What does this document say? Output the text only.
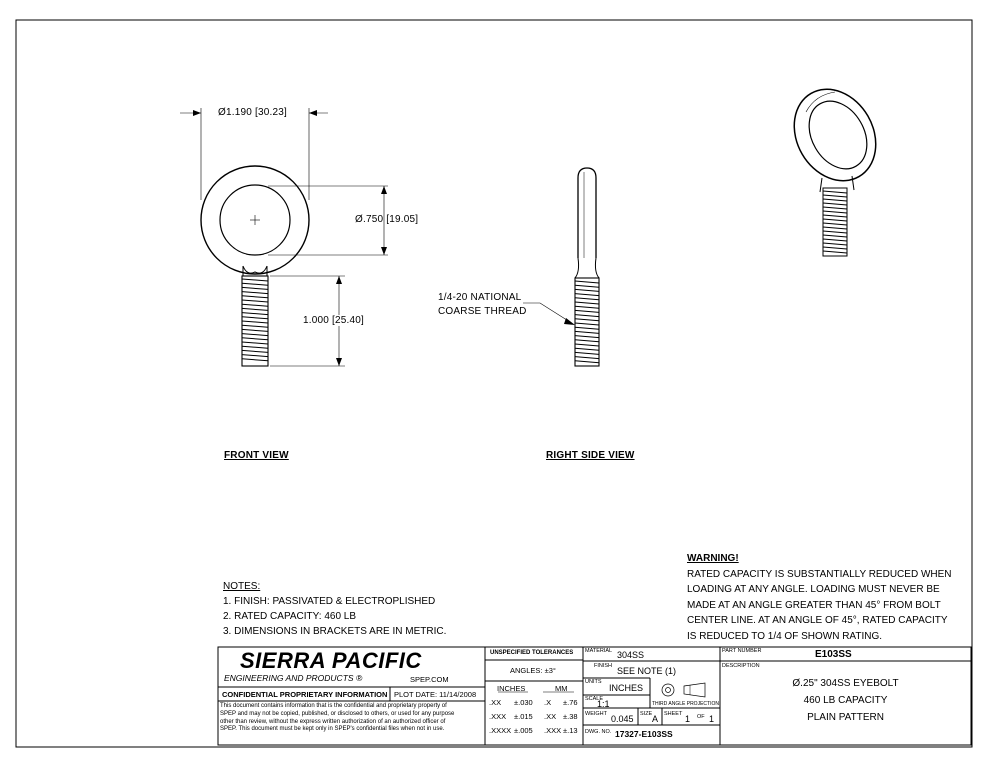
Ø1.190 [30.23]
Ø.750 [19.05]
1.000 [25.40]
1/4-20 NATIONAL
COARSE THREAD
FRONT VIEW	RIGHT SIDE VIEW
WARNING!
RATED CAPACITY IS SUBSTANTIALLY REDUCED WHEN
LOADING AT ANY ANGLE. LOADING MUST NEVER BE
MADE AT AN ANGLE GREATER THAN 45° FROM BOLT
CENTER LINE. AT AN ANGLE OF 45°, RATED CAPACITY
IS REDUCED TO 1/4 OF SHOWN RATING.
NOTES:
1. FINISH: PASSIVATED & ELECTROPLISHED
2. RATED CAPACITY: 460 LB
3. DIMENSIONS IN BRACKETS ARE IN METRIC.
SIERRA PACIFIC
ENGINEERING AND PRODUCTS ®	SPEP.COM
CONFIDENTIAL PROPRIETARY INFORMATION PLOT DATE: 11/14/2008
This document contains information that is the confidential and proprietary property of
SPEP and may not be copied, published, or disclosed to others, or used for any purpose
other than review, without the express written authorization of an authorized officer of
SPEP. This document must be kept only in SPEP's confidential files when not in use.
UNSPECIFIED TOLERANCES
ANGLES: ±3°
INCHES	MM
.XX ±.030 .X ±.76
.XXX ±.015 .XX ±.38
.XXXX ±.005 .XXX ±.13
MATERIAL 304SS
FINISH SEE NOTE (1)
UNITS
INCHES
SCALE
1:1	THIRD ANGLE PROJECTION
WEIGHT 0.045 SIZE A SHEET 1 OF 1
DWG. NO. 17327-E103SS
PART NUMBER	E103SS
DESCRIPTION
Ø.25" 304SS EYEBOLT
460 LB CAPACITY
PLAIN PATTERN
